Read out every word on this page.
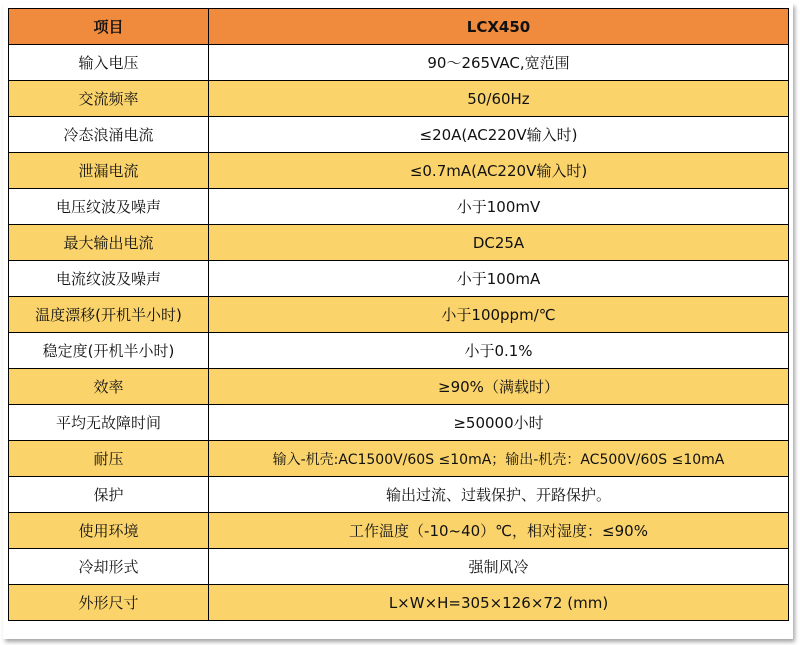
项目	LCX450
输入电压	90～265VAC,宽范围
交流频率	50/60Hz
冷态浪涌电流	≤20A(AC220V输入时)
泄漏电流	≤0.7mA(AC220V输入时)
电压纹波及噪声	小于100mV
最大输出电流	DC25A
电流纹波及噪声	小于100mA
温度漂移(开机半小时)	小于100ppm/℃
稳定度(开机半小时)	小于0.1%
效率	≥90%（满载时）
平均无故障时间	≥50000小时
耐压	输入-机壳:AC1500V/60S ≤10mA；输出-机壳：AC500V/60S ≤10mA
保护	输出过流、过载保护、开路保护。
使用环境	工作温度（-10~40）℃，相对湿度：≤90%
冷却形式	强制风冷
外形尺寸	L×W×H=305×126×72 (mm)
